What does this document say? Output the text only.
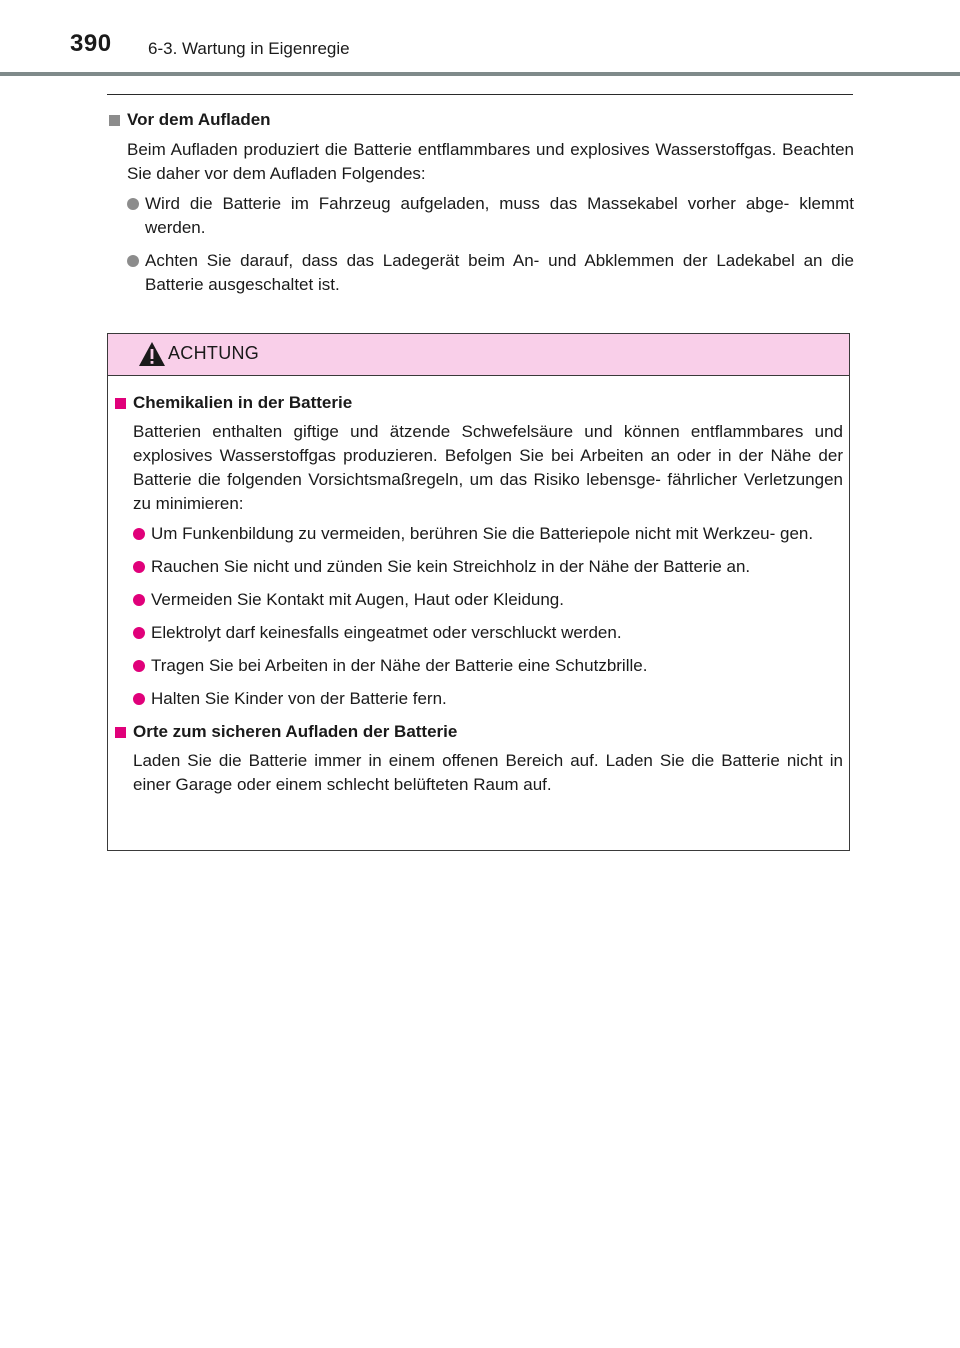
390 6-3. Wartung in Eigenregie
Vor dem Aufladen
Beim Aufladen produziert die Batterie entflammbares und explosives Wasserstoffgas. Beachten Sie daher vor dem Aufladen Folgendes:
Wird die Batterie im Fahrzeug aufgeladen, muss das Massekabel vorher abge- klemmt werden.
Achten Sie darauf, dass das Ladegerät beim An- und Abklemmen der Ladekabel an die Batterie ausgeschaltet ist.
ACHTUNG
Chemikalien in der Batterie
Batterien enthalten giftige und ätzende Schwefelsäure und können entflammbares und explosives Wasserstoffgas produzieren. Befolgen Sie bei Arbeiten an oder in der Nähe der Batterie die folgenden Vorsichtsmaßregeln, um das Risiko lebensge- fährlicher Verletzungen zu minimieren:
Um Funkenbildung zu vermeiden, berühren Sie die Batteriepole nicht mit Werkzeu- gen.
Rauchen Sie nicht und zünden Sie kein Streichholz in der Nähe der Batterie an.
Vermeiden Sie Kontakt mit Augen, Haut oder Kleidung.
Elektrolyt darf keinesfalls eingeatmet oder verschluckt werden.
Tragen Sie bei Arbeiten in der Nähe der Batterie eine Schutzbrille.
Halten Sie Kinder von der Batterie fern.
Orte zum sicheren Aufladen der Batterie
Laden Sie die Batterie immer in einem offenen Bereich auf. Laden Sie die Batterie nicht in einer Garage oder einem schlecht belüfteten Raum auf.
